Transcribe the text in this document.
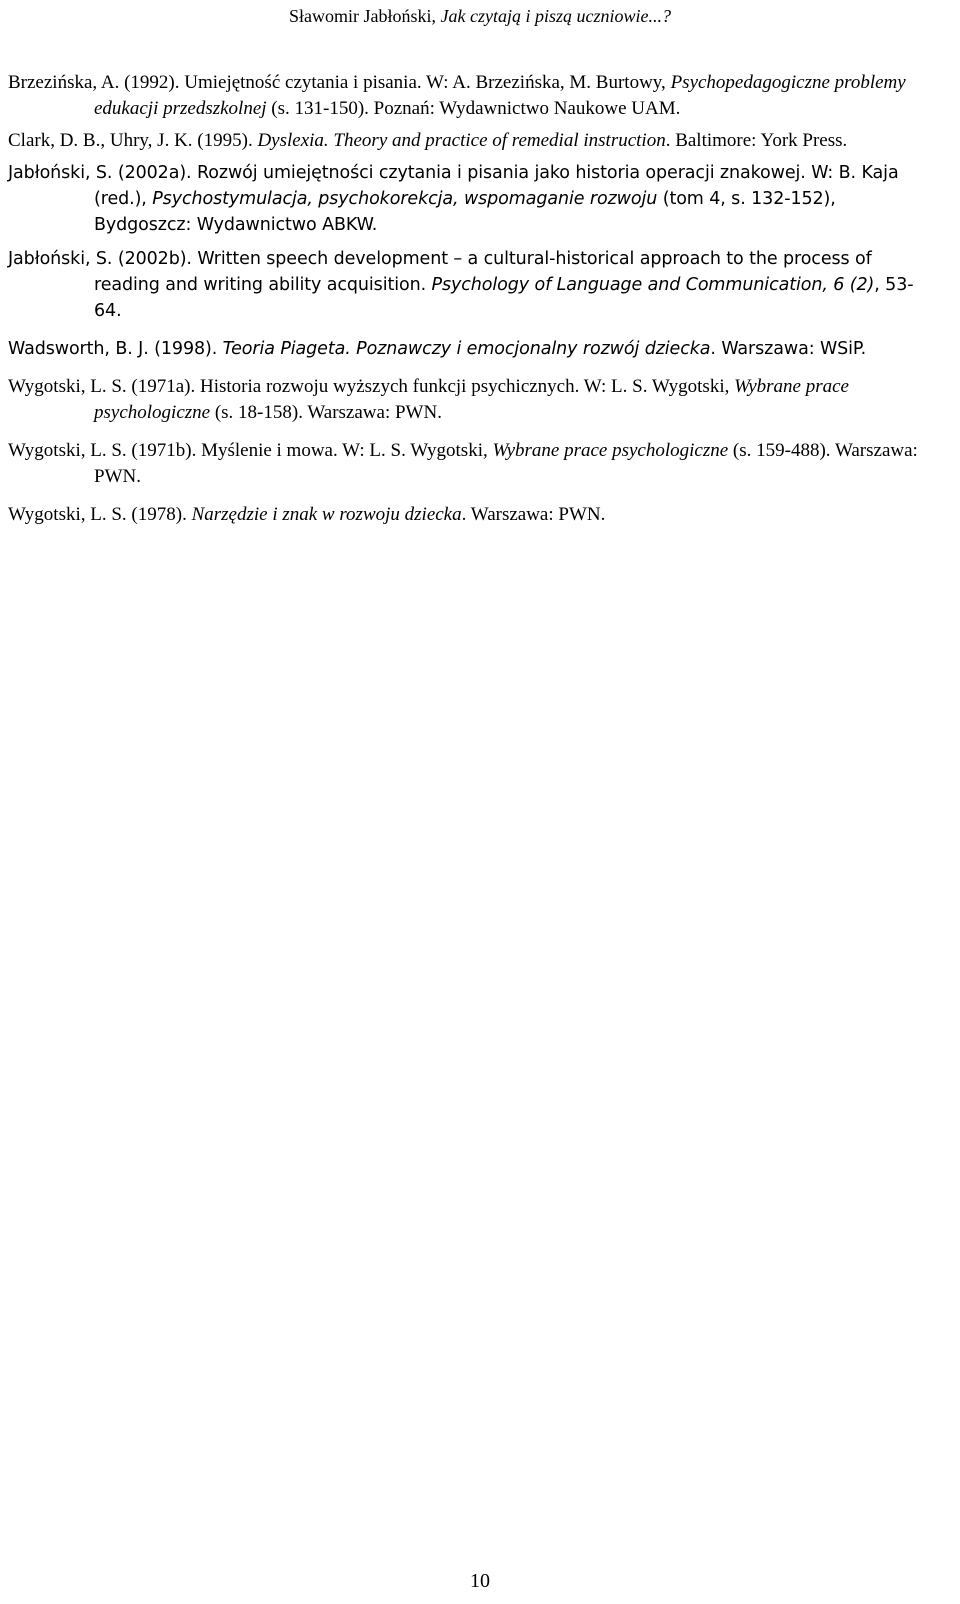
Sławomir Jabłoński, Jak czytają i piszą uczniowie...?

Brzezińska, A. (1992). Umiejętność czytania i pisania. W: A. Brzezińska, M. Burtowy, Psychopedagogiczne problemy edukacji przedszkolnej (s. 131-150). Poznań: Wydawnictwo Naukowe UAM.

Clark, D. B., Uhry, J. K. (1995). Dyslexia. Theory and practice of remedial instruction. Baltimore: York Press.

Jabłoński, S. (2002a). Rozwój umiejętności czytania i pisania jako historia operacji znakowej. W: B. Kaja (red.), Psychostymulacja, psychokorekcja, wspomaganie rozwoju (tom 4, s. 132-152), Bydgoszcz: Wydawnictwo ABKW.

Jabłoński, S. (2002b). Written speech development – a cultural-historical approach to the process of reading and writing ability acquisition. Psychology of Language and Communication, 6 (2), 53-64.

Wadsworth, B. J. (1998). Teoria Piageta. Poznawczy i emocjonalny rozwój dziecka. Warszawa: WSiP.

Wygotski, L. S. (1971a). Historia rozwoju wyższych funkcji psychicznych. W: L. S. Wygotski, Wybrane prace psychologiczne (s. 18-158). Warszawa: PWN.

Wygotski, L. S. (1971b). Myślenie i mowa. W: L. S. Wygotski, Wybrane prace psychologiczne (s. 159-488). Warszawa: PWN.

Wygotski, L. S. (1978). Narzędzie i znak w rozwoju dziecka. Warszawa: PWN.

10
